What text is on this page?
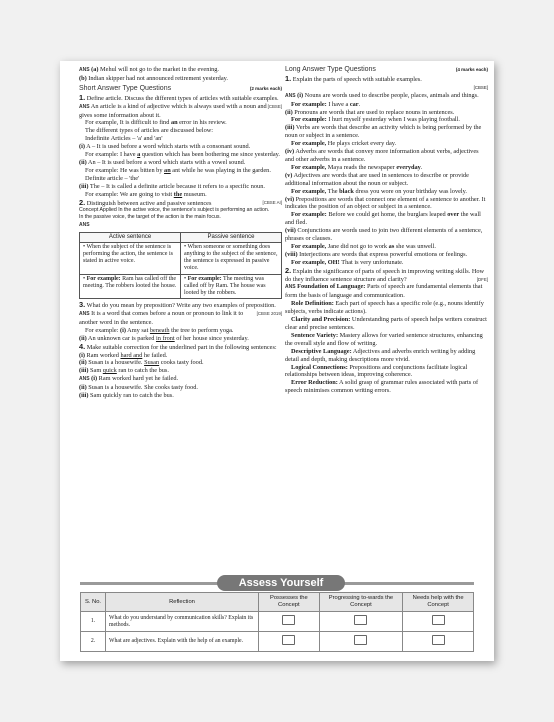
ANS (a) Mehul will not go to the market in the evening.

(b) Indian skipper had not announced retirement yesterday.

Short Answer Type Questions	(2 marks each)

1. Define article. Discuss the different types of articles with suitable examples.
[CBSE]

ANS An article is a kind of adjective which is always used with a noun and gives some information about it.

For example, It is difficult to find an error in his review.

The different types of articles are discussed below:

Indefinite Articles – 'a' and 'an'

(i) A – It is used before a word which starts with a consonant sound.

For example: I have a question which has been bothering me since yesterday.

(ii) An – It is used before a word which starts with a vowel sound.

For example: He was bitten by an ant while he was playing in the garden.

Definite article – 'the'

(iii) The – It is called a definite article because it refers to a specific noun.

For example: We are going to visit the museum.

2. Distinguish between active and passive sentences	[CBSE AI]

Concept Applied In the active voice, the sentence's subject is performing an action.

In the passive voice, the target of the action is the main focus.

ANS

Active sentence	Passive sentence
• When the subject of the sentence is performing the action, the sentence is stated in active voice.	• When someone or something does anything to the subject of the sentence, the sentence is expressed in passive voice.
• For example: Ram has called off the meeting. The robbers looted the house.	• For example: The meeting was called off by Ram. The house was looted by the robbers.

3. What do you mean by preposition? Write any two examples of preposition.
[CBSE 2019]

ANS It is a word that comes before a noun or pronoun to link it to another word in the sentence.

For example: (i) Amy sat beneath the tree to perform yoga.

(ii) An unknown car is parked in front of her house since yesterday.

4. Make suitable correction for the underlined part in the following sentences:

(i) Ram worked hard and he failed.

(ii) Susan is a housewife. Susan cooks tasty food.

(iii) Sam quick ran to catch the bus.

ANS (i) Ram worked hard yet he failed.

(ii) Susan is a housewife. She cooks tasty food.

(iii) Sam quickly ran to catch the bus.

Long Answer Type Questions	(4 marks each)

1. Explain the parts of speech with suitable examples.

[CBSE]

ANS (i) Nouns are words used to describe people, places, animals and things.

For example: I have a car.

(ii) Pronouns are words that are used to replace nouns in sentences.

For example: I hurt myself yesterday when I was playing football.

(iii) Verbs are words that describe an activity which is being performed by the noun or subject in a sentence.

For example, He plays cricket every day.

(iv) Adverbs are words that convey more information about verbs, adjectives and other adverbs in a sentence.

For example, Maya reads the newspaper everyday.

(v) Adjectives are words that are used in sentences to describe or provide additional information about the noun or subject.

For example, The black dress you wore on your birthday was lovely.

(vi) Prepositions are words that connect one element of a sentence to another. It indicates the position of an object or subject in a sentence.

For example: Before we could get home, the burglars leaped over the wall and fled.

(vii) Conjunctions are words used to join two different elements of a sentence, phrases or clauses.

For example, Jane did not go to work as she was unwell.

(viii) Interjections are words that express powerful emotions or feelings.

For example, OH! That is very unfortunate.

2. Explain the significance of parts of speech in improving writing skills. How do they influence sentence structure and clarity?	[DFE]

ANS Foundation of Language: Parts of speech are fundamental elements that form the basis of language and communication.

Role Definition: Each part of speech has a specific role (e.g., nouns identify subjects, verbs indicate actions).

Clarity and Precision: Understanding parts of speech helps writers construct clear and precise sentences.

Sentence Variety: Mastery allows for varied sentence structures, enhancing the overall style and flow of writing.

Descriptive Language: Adjectives and adverbs enrich writing by adding detail and depth, making descriptions more vivid.

Logical Connections: Prepositions and conjunctions facilitate logical relationships between ideas, improving coherence.

Error Reduction: A solid grasp of grammar rules associated with parts of speech minimises common writing errors.

Assess Yourself
S. No.	Reflection	Possesses the Concept	Progressing to-wards the Concept	Needs help with the Concept
1.	What do you understand by communication skills? Explain its methods.			
2.	What are adjectives. Explain with the help of an example.			
